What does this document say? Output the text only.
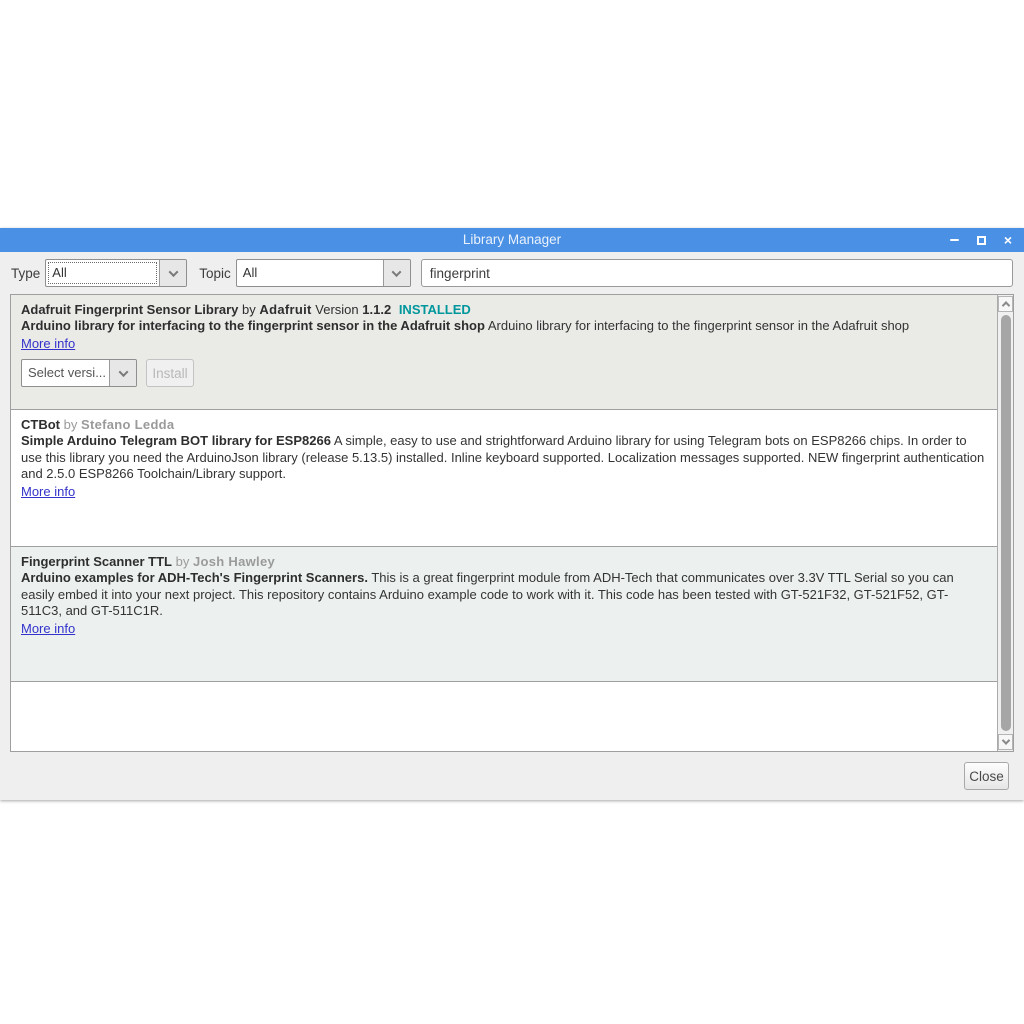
Library Manager	×
Type All	Topic All
fingerprint
Adafruit Fingerprint Sensor Library by Adafruit Version 1.1.2 INSTALLED
Arduino library for interfacing to the fingerprint sensor in the Adafruit shop Arduino library for interfacing to the fingerprint sensor in the Adafruit shop
More info
Select versi...	Install
CTBot by Stefano Ledda
Simple Arduino Telegram BOT library for ESP8266 A simple, easy to use and strightforward Arduino library for using Telegram bots on ESP8266 chips. In order to use this library you need the ArduinoJson library (release 5.13.5) installed. Inline keyboard supported. Localization messages supported. NEW fingerprint authentication and 2.5.0 ESP8266 Toolchain/Library support.
More info
Fingerprint Scanner TTL by Josh Hawley
Arduino examples for ADH-Tech's Fingerprint Scanners. This is a great fingerprint module from ADH-Tech that communicates over 3.3V TTL Serial so you can easily embed it into your next project. This repository contains Arduino example code to work with it. This code has been tested with GT-521F32, GT-521F52, GT-511C3, and GT-511C1R.
More info
Close
